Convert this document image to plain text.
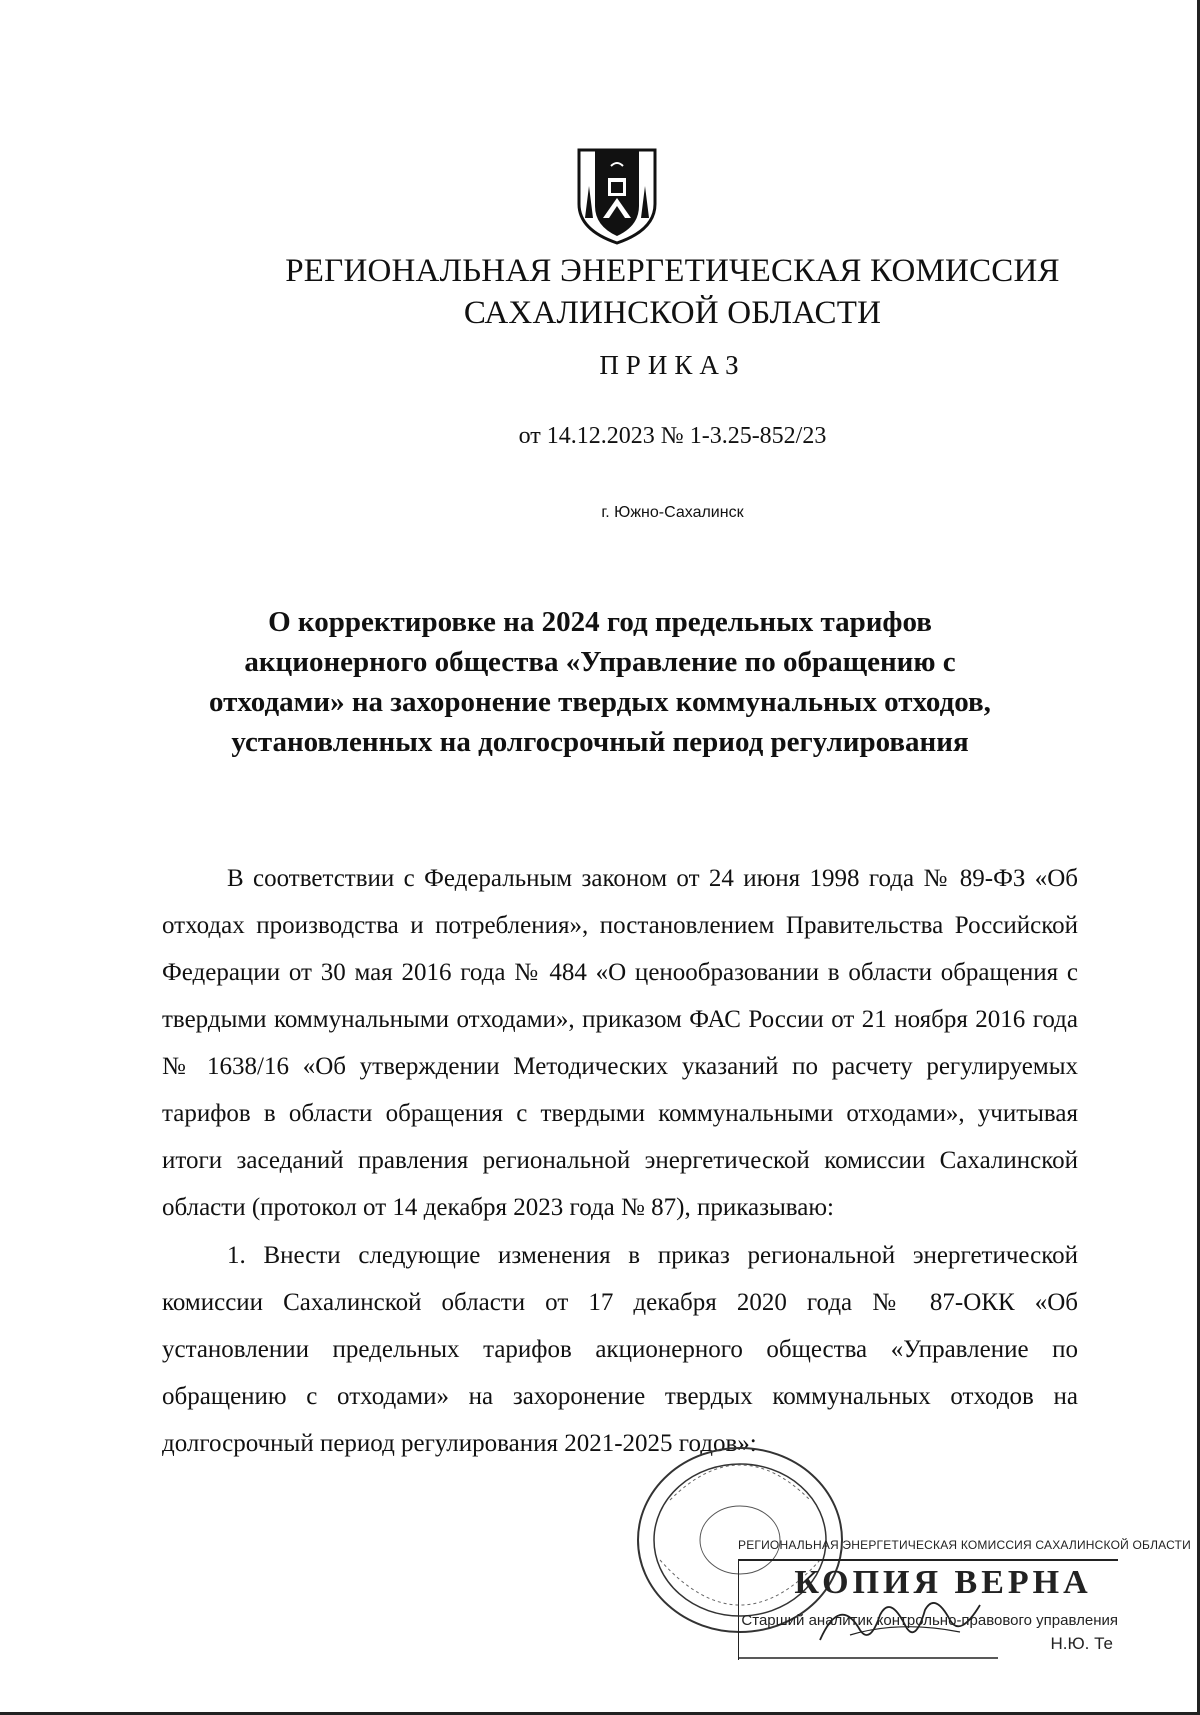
РЕГИОНАЛЬНАЯ ЭНЕРГЕТИЧЕСКАЯ КОМИССИЯ
САХАЛИНСКОЙ ОБЛАСТИ
ПРИКАЗ
от 14.12.2023 № 1-3.25-852/23
г. Южно-Сахалинск
О корректировке на 2024 год предельных тарифов
акционерного общества «Управление по обращению с
отходами» на захоронение твердых коммунальных отходов,
установленных на долгосрочный период регулирования

В соответствии с Федеральным законом от 24 июня 1998 года № 89-ФЗ «Об отходах производства и потребления», постановлением Правительства Российской Федерации от 30 мая 2016 года № 484 «О ценообразовании в области обращения с твердыми коммунальными отходами», приказом ФАС России от 21 ноября 2016 года № 1638/16 «Об утверждении Методических указаний по расчету регулируемых тарифов в области обращения с твердыми коммунальными отходами», учитывая итоги заседаний правления региональной энергетической комиссии Сахалинской области (протокол от 14 декабря 2023 года № 87), приказываю:

1. Внести следующие изменения в приказ региональной энергетической комиссии Сахалинской области от 17 декабря 2020 года № 87-ОКК «Об установлении предельных тарифов акционерного общества «Управление по обращению с отходами» на захоронение твердых коммунальных отходов на долгосрочный период регулирования 2021-2025 годов»:

РЕГИОНАЛЬНАЯ ЭНЕРГЕТИЧЕСКАЯ КОМИССИЯ САХАЛИНСКОЙ ОБЛАСТИ
КОПИЯ ВЕРНА
Старший аналитик контрольно-правового управления
Н.Ю. Те
